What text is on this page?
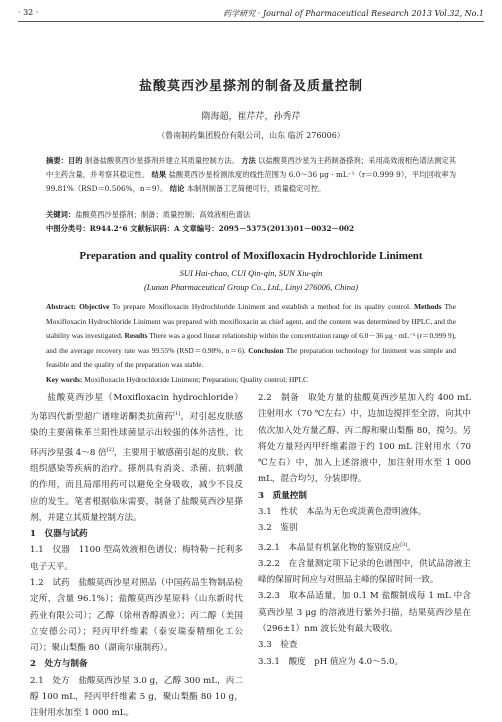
· 32 ·	药学研究 · Journal of Pharmaceutical Research 2013 Vol.32, No.1
盐酸莫西沙星搽剂的制备及质量控制
隋海超，崔芹芹，孙秀芹
（鲁南制药集团股份有限公司，山东 临沂 276006）
摘要：目的 制备盐酸莫西沙星搽剂并建立其质量控制方法。 方法 以盐酸莫西沙星为主药制备搽剂；采用高效液相色谱法测定其中主药含量，并考察其稳定性。 结果 盐酸莫西沙星检测浓度的线性范围为 6.0～36 μg · mL⁻¹（r＝0.999 9），平均回收率为 99.81%（RSD＝0.506%，n＝9）。 结论 本制剂制备工艺简便可行，质量稳定可控。
关键词：盐酸莫西沙星搽剂；制备；质量控制；高效液相色谱法
中图分类号：R944.2⁺6 文献标识码：A 文章编号：2095－5375(2013)01－0032－002
Preparation and quality control of Moxifloxacin Hydrochloride Liniment
SUI Hai-chao, CUI Qin-qin, SUN Xiu-qin
(Lunan Pharmaceutical Group Co., Ltd., Linyi 276006, China)
Abstract: Objective To prepare Moxifloxacin Hydrochloride Liniment and establish a method for its quality control. Methods The Moxifloxacin Hydrochloride Liniment was prepared with moxifloxacin as chief agent, and the content was determined by HPLC, and the stability was investigated. Results There was a good linear relationship within the concentration range of 6.0－36 μg · mL⁻¹ (r＝0.999 9), and the average recovery rate was 99.55% (RSD＝0.98%, n＝6). Conclusion The preparation technology for liniment was simple and feasible and the quality of the preparation was stable.
Key words: Moxifloxacin Hydrochloride Liniment; Preparation; Quality control; HPLC

盐酸莫西沙星（Moxifloxacin hydrochloride）为第四代新型超广谱喹诺酮类抗菌药[1]，对引起皮肤感染的主要菌株革兰阳性球菌显示出较强的体外活性，比环丙沙星强 4～8 倍[2]，主要用于敏感菌引起的皮肤、软组织感染等疾病的治疗。搽剂具有消炎、杀菌、抗刺激的作用，而且局部用药可以避免全身吸收，减少不良反应的发生。笔者根据临床需要，制备了盐酸莫西沙星搽剂，并建立其质量控制方法。

1　仪器与试药

1.1　仪器　1100 型高效液相色谱仪；梅特勒－托利多电子天平。

1.2　试药　盐酸莫西沙星对照品（中国药品生物制品检定所，含量 96.1%）；盐酸莫西沙星原料（山东新时代药业有限公司）；乙醇（徐州香醇酒业）；丙二醇（美国立安德公司）；羟丙甲纤维素（泰安瑞泰精细化工公司）；聚山梨酯 80（湖南尔康制药）。

2　处方与制备

2.1　处方　盐酸莫西沙星 3.0 g，乙醇 300 mL，丙二醇 100 mL，羟丙甲纤维素 5 g，聚山梨酯 80 10 g，注射用水加至 1 000 mL。

2.2　制备　取处方量的盐酸莫西沙星加入约 400 mL 注射用水（70 ℃左右）中，边加边搅拌至全溶，向其中依次加入处方量乙醇、丙二醇和聚山梨酯 80，搅匀。另将处方量羟丙甲纤维素溶于约 100 mL 注射用水（70 ℃左右）中，加入上述溶液中，加注射用水至 1 000 mL，混合均匀，分装即得。

3　质量控制

3.1　性状　本品为无色或淡黄色澄明液体。

3.2　鉴别

3.2.1　本品显有机氯化物的鉴别反应[3]。

3.2.2　在含量测定项下记录的色谱图中，供试品溶液主峰的保留时间应与对照品主峰的保留时间一致。

3.2.3　取本品适量，加 0.1 M 盐酸制成每 1 mL 中含莫西沙星 3 μg 的溶液进行紫外扫描，结果莫西沙星在（296±1）nm 波长处有最大吸收。

3.3　检查

3.3.1　酸度　pH 值应为 4.0～5.0。
